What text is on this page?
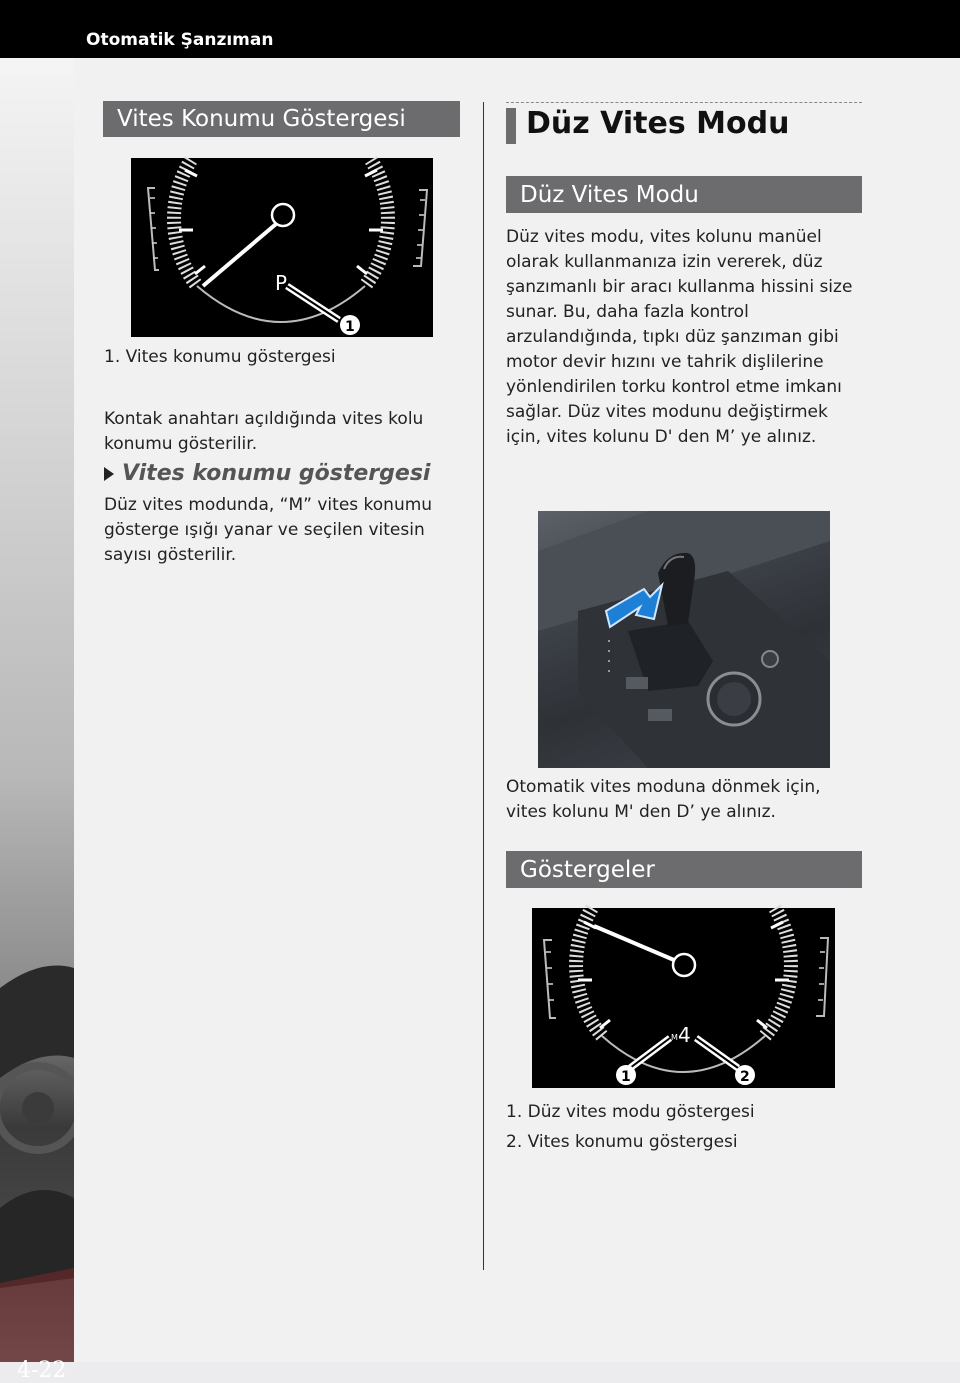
Otomatik Şanzıman
4-22
Vites Konumu Göstergesi
P
1
1. Vites konumu göstergesi
Kontak anahtarı açıldığında vites kolu konumu gösterilir.
Vites konumu göstergesi
Düz vites modunda, “M” vites konumu gösterge ışığı yanar ve seçilen vitesin sayısı gösterilir.
Düz Vites Modu
Düz Vites Modu
Düz vites modu, vites kolunu manüel olarak kullanmanıza izin vererek, düz şanzımanlı bir aracı kullanma hissini size sunar. Bu, daha fazla kontrol arzulandığında, tıpkı düz şanzıman gibi motor devir hızını ve tahrik dişlilerine yönlendirilen torku kontrol etme imkanı sağlar. Düz vites modunu değiştirmek için, vites kolunu D' den M’ ye alınız.
Otomatik vites moduna dönmek için, vites kolunu M' den D’ ye alınız.
Göstergeler
M 4
1	2
1. Düz vites modu göstergesi
2. Vites konumu göstergesi
